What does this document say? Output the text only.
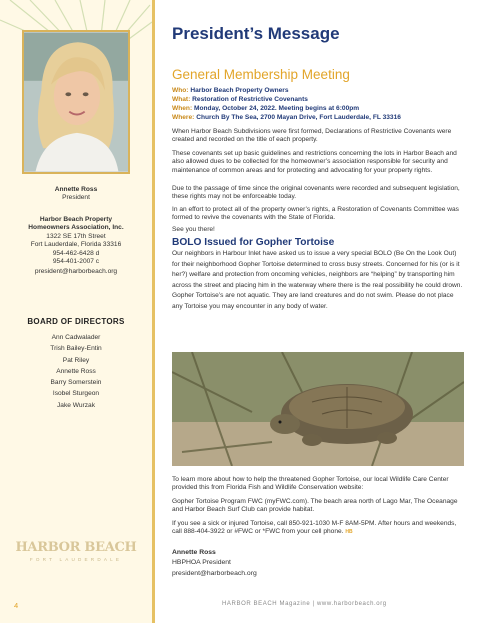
Annette Ross
President
Harbor Beach Property
Homeowners Association, Inc.
1322 SE 17th Street
Fort Lauderdale, Florida 33316
954-462-6428 d
954-401-2007 c
president@harborbeach.org
BOARD OF DIRECTORS
Ann Cadwalader
Trish Bailey-Entin
Pat Riley
Annette Ross
Barry Somerstein
Isobel Sturgeon
Jake Wurzak
HARBOR BEACH
FORT LAUDERDALE
President’s Message
General Membership Meeting
Who: Harbor Beach Property Owners
What: Restoration of Restrictive Covenants
When: Monday, October 24, 2022. Meeting begins at 6:00pm
Where: Church By The Sea, 2700 Mayan Drive, Fort Lauderdale, FL 33316
When Harbor Beach Subdivisions were first formed, Declarations of Restrictive Covenants were created and recorded on the title of each property.
These covenants set up basic guidelines and restrictions concerning the lots in Harbor Beach and also allowed dues to be collected for the homeowner’s association responsible for security and maintenance of common areas and for protecting and advocating for your property rights.
Due to the passage of time since the original covenants were recorded and subsequent legislation, these rights may not be enforceable today.
In an effort to protect all of the property owner’s rights, a Restoration of Covenants Committee was formed to revive the covenants with the State of Florida.
See you there!
BOLO Issued for Gopher Tortoise
Our neighbors in Harbour Inlet have asked us to issue a very special BOLO (Be On the Look Out) for their neighborhood Gopher Tortoise determined to cross busy streets. Concerned for his (or is it her?) welfare and protection from oncoming vehicles, neighbors are “helping” by transporting him across the street and placing him in the waterway where there is the real possibility he could drown. Gopher Tortoise’s are not aquatic. They are land creatures and do not swim. Please do not place any Tortoise you may encounter in any body of water.
To learn more about how to help the threatened Gopher Tortoise, our local Wildlife Care Center provided this from Florida Fish and Wildlife Conservation website:
Gopher Tortoise Program FWC (myFWC.com). The beach area north of Lago Mar, The Oceanage and Harbor Beach Surf Club can provide habitat.
If you see a sick or injured Tortoise, call 850-921-1030 M-F 8AM-5PM. After hours and weekends, call 888-404-3922 or #FWC or *FWC from your cell phone. HB
Annette Ross
HBPHOA President
president@harborbeach.org
4	HARBOR BEACH Magazine | www.harborbeach.org
